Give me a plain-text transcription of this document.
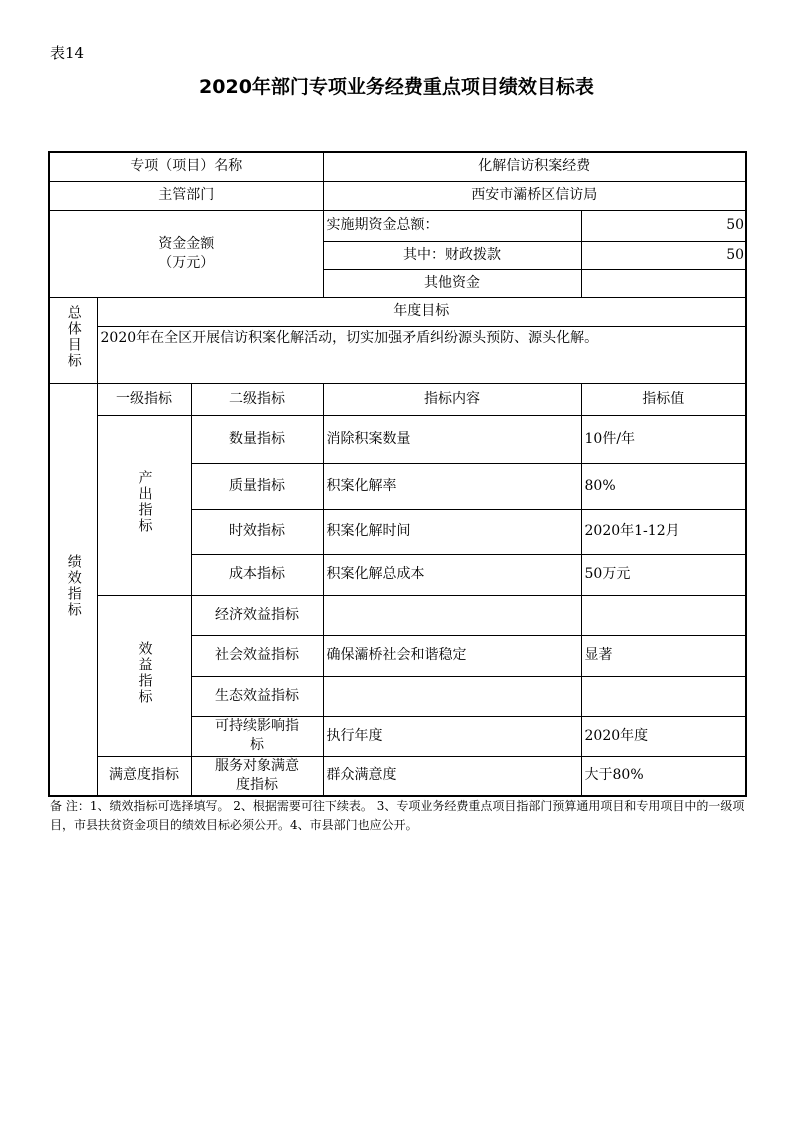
表14
2020年部门专项业务经费重点项目绩效目标表
专项（项目）名称			化解信访积案经费	
主管部门			西安市灞桥区信访局	
资金金额
（万元）			实施期资金总额：	50
			其中：财政拨款	50
			其他资金	
总体目标	年度目标			
	2020年在全区开展信访积案化解活动，切实加强矛盾纠纷源头预防、源头化解。			
绩效指标	一级指标	二级指标	指标内容	指标值
	产出指标	数量指标	消除积案数量	10件/年
		质量指标	积案化解率	80%
		时效指标	积案化解时间	2020年1-12月
		成本指标	积案化解总成本	50万元
	效益指标	经济效益指标		
		社会效益指标	确保灞桥社会和谐稳定	显著
		生态效益指标		
		可持续影响指标	执行年度	2020年度
	满意度指标	服务对象满意度指标	群众满意度	大于80%
备 注：1、绩效指标可选择填写。 2、根据需要可往下续表。 3、专项业务经费重点项目指部门预算通用项目和专用项目中的一级项目，市县扶贫资金项目的绩效目标必须公开。4、市县部门也应公开。
